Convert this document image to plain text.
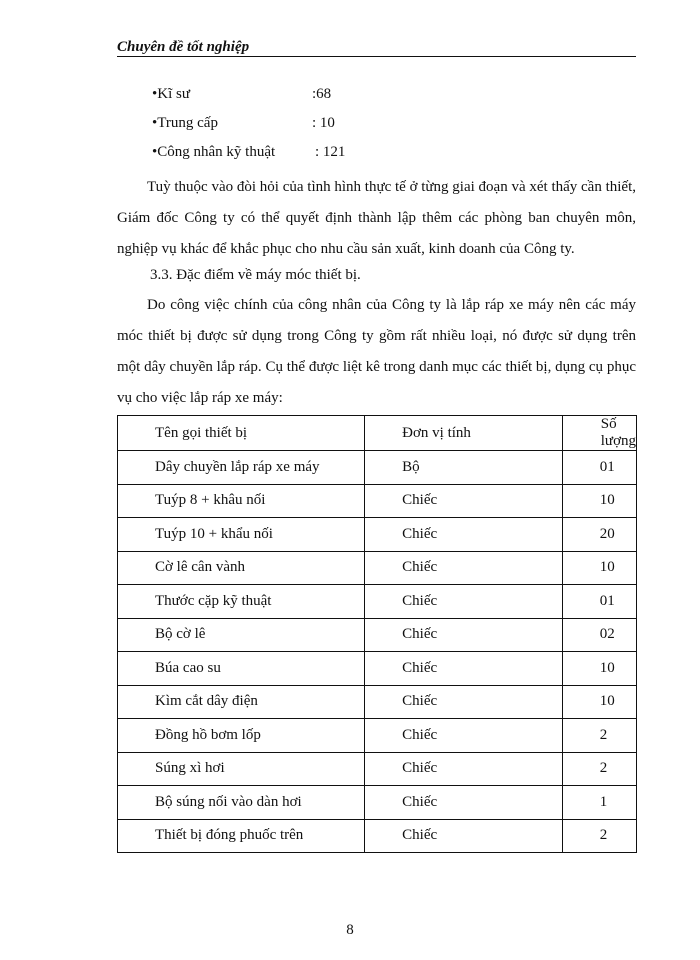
Chuyên đề tốt nghiệp
•Kĩ sư	:68
•Trung cấp	: 10
•Công nhân kỹ thuật	: 121

Tuỳ thuộc vào đòi hỏi của tình hình thực tế ở từng giai đoạn và xét thấy cần thiết, Giám đốc Công ty có thể quyết định thành lập thêm các phòng ban chuyên môn, nghiệp vụ khác để khắc phục cho nhu cầu sản xuất, kinh doanh của Công ty.

3.3. Đặc điểm về máy móc thiết bị.

Do công việc chính của công nhân của Công ty là lắp ráp xe máy nên các máy móc thiết bị được sử dụng trong Công ty gồm rất nhiều loại, nó được sử dụng trên một dây chuyền lắp ráp. Cụ thể được liệt kê trong danh mục các thiết bị, dụng cụ phục vụ cho việc lắp ráp xe máy:

Tên gọi thiết bị	Đơn vị tính	Số lượng
Dây chuyền lắp ráp xe máy	Bộ	01
Tuýp 8 + khâu nối	Chiếc	10
Tuýp 10 + khẩu nối	Chiếc	20
Cờ lê cân vành	Chiếc	10
Thước cặp kỹ thuật	Chiếc	01
Bộ cờ lê	Chiếc	02
Búa cao su	Chiếc	10
Kìm cắt dây điện	Chiếc	10
Đồng hồ bơm lốp	Chiếc	2
Súng xì hơi	Chiếc	2
Bộ súng nối vào dàn hơi	Chiếc	1
Thiết bị đóng phuốc trên	Chiếc	2
8
